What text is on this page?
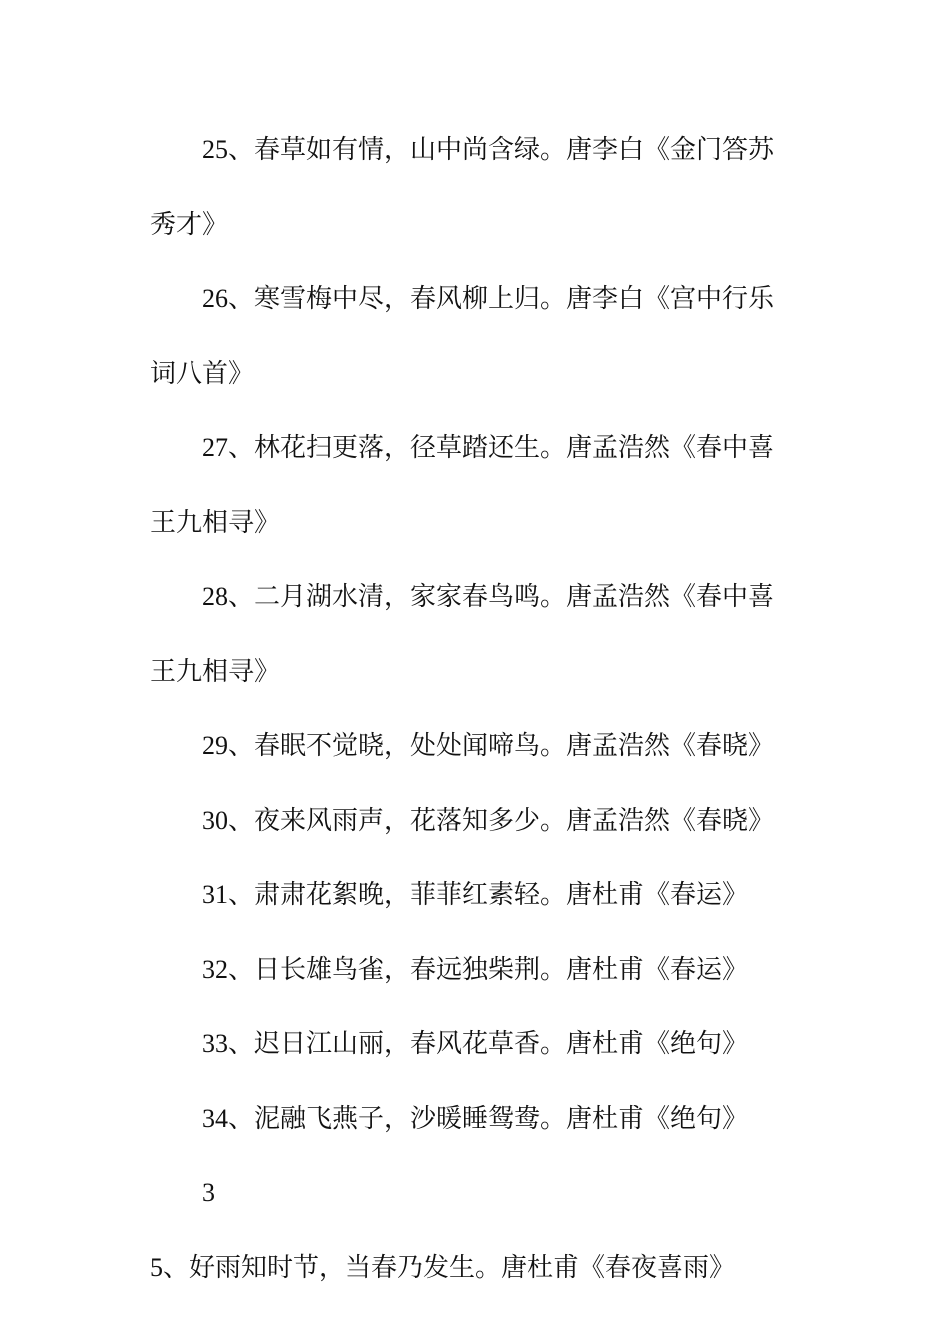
25、春草如有情，山中尚含绿。唐李白《金门答苏秀才》

26、寒雪梅中尽，春风柳上归。唐李白《宫中行乐词八首》

27、林花扫更落，径草踏还生。唐孟浩然《春中喜王九相寻》

28、二月湖水清，家家春鸟鸣。唐孟浩然《春中喜王九相寻》

29、春眠不觉晓，处处闻啼鸟。唐孟浩然《春晓》

30、夜来风雨声，花落知多少。唐孟浩然《春晓》

31、肃肃花絮晚，菲菲红素轻。唐杜甫《春运》

32、日长雄鸟雀，春远独柴荆。唐杜甫《春运》

33、迟日江山丽，春风花草香。唐杜甫《绝句》

34、泥融飞燕子，沙暖睡鸳鸯。唐杜甫《绝句》

35、好雨知时节，当春乃发生。唐杜甫《春夜喜雨》
